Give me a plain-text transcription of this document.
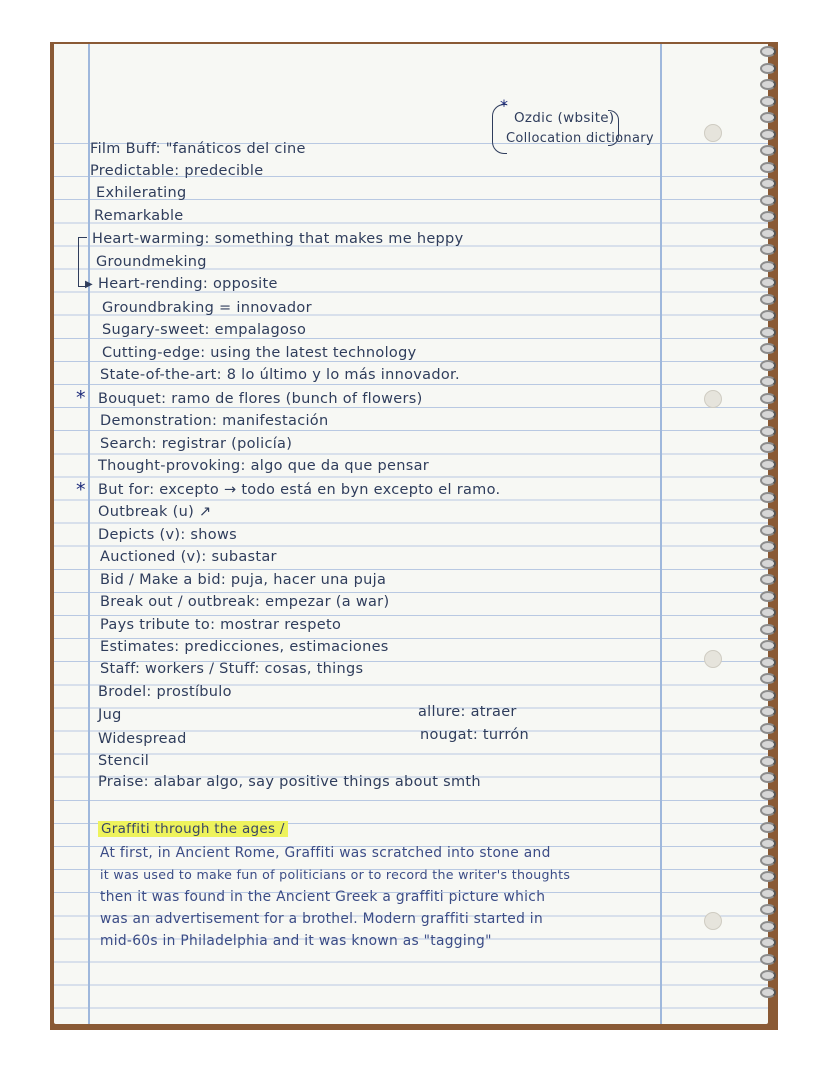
*
Ozdic (wbsite)
Collocation dictionary
Film Buff: "fanáticos del cine
Predictable: predecible
Exhilerating
Remarkable
Heart-warming: something that makes me heppy
Groundmeking
Heart-rending: opposite
Groundbraking = innovador
Sugary-sweet: empalagoso
Cutting-edge: using the latest technology
State-of-the-art: 8 lo último y lo más innovador.
* Bouquet: ramo de flores (bunch of flowers)
Demonstration: manifestación
Search: registrar (policía)
Thought-provoking: algo que da que pensar
* But for: excepto → todo está en byn excepto el ramo.
Outbreak (u) ↗
Depicts (v): shows
Auctioned (v): subastar
Bid / Make a bid: puja, hacer una puja
Break out / outbreak: empezar (a war)
Pays tribute to: mostrar respeto
Estimates: predicciones, estimaciones
Staff: workers / Stuff: cosas, things
Brodel: prostíbulo
Jug	allure: atraer
Widespread	nougat: turrón
Stencil
Praise: alabar algo, say positive things about smth
▶
Graffiti through the ages /
At first, in Ancient Rome, Graffiti was scratched into stone and
it was used to make fun of politicians or to record the writer's thoughts
then it was found in the Ancient Greek a graffiti picture which
was an advertisement for a brothel. Modern graffiti started in
mid-60s in Philadelphia and it was known as "tagging"
